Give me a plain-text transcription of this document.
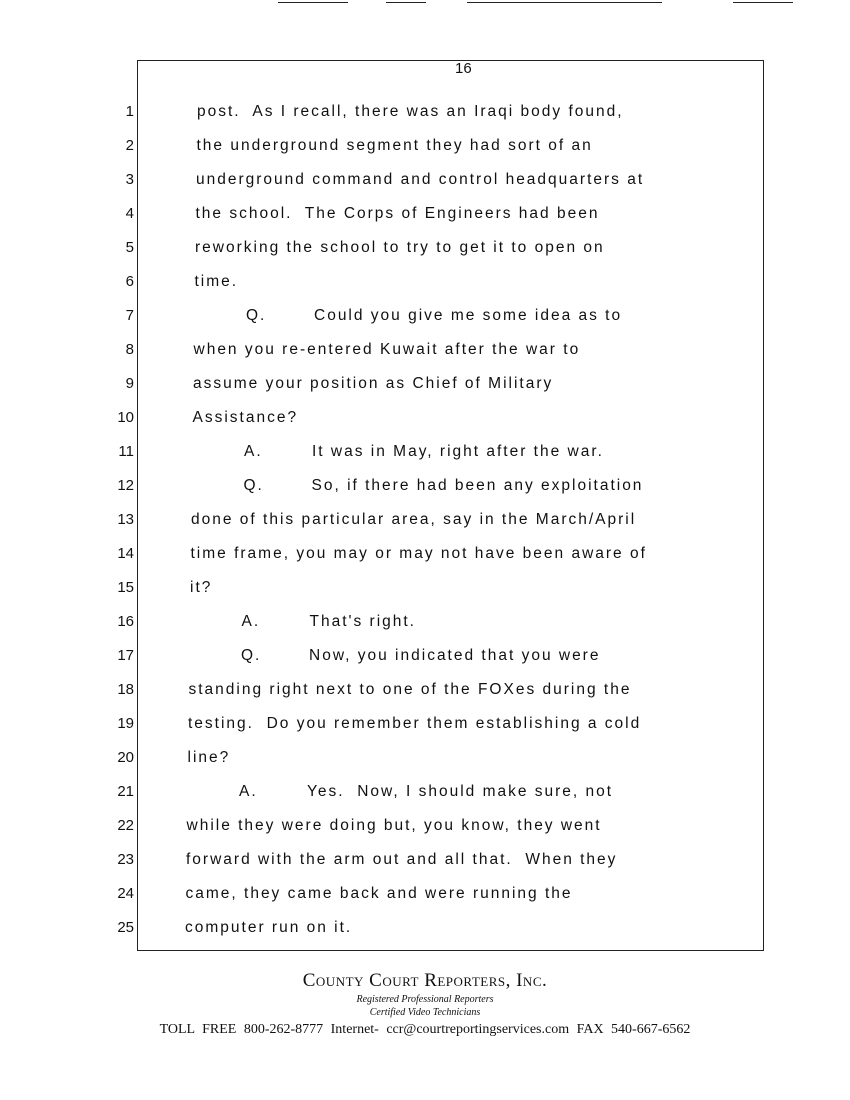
16
1	post.  As I recall, there was an Iraqi body found,
2	the underground segment they had sort of an
3	underground command and control headquarters at
4	the school.  The Corps of Engineers had been
5	reworking the school to try to get it to open on
6	time.
7	Q.	Could you give me some idea as to
8	when you re-entered Kuwait after the war to
9	assume your position as Chief of Military
10	Assistance?
11	A.	It was in May, right after the war.
12	Q.	So, if there had been any exploitation
13	done of this particular area, say in the March/April
14	time frame, you may or may not have been aware of
15	it?
16	A.	That's right.
17	Q.	Now, you indicated that you were
18	standing right next to one of the FOXes during the
19	testing.  Do you remember them establishing a cold
20	line?
21	A.	Yes.  Now, I should make sure, not
22	while they were doing but, you know, they went
23	forward with the arm out and all that.  When they
24	came, they came back and were running the
25	computer run on it.
County Court Reporters, Inc.
Registered Professional Reporters
Certified Video Technicians
TOLL FREE 800-262-8777 Internet- ccr@courtreportingservices.com FAX 540-667-6562
